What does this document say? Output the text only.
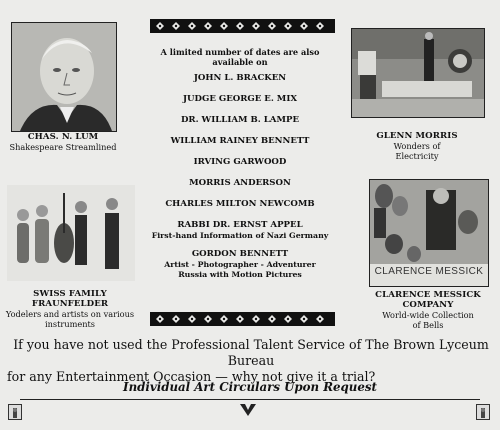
CHAS. N. LUM
Shakespeare Streamlined
SWISS FAMILY
FRAUNFELDER
Yodelers and artists on various
instruments
GLENN MORRIS
Wonders of
Electricity
CLARENCE MESSICK
CLARENCE MESSICK
COMPANY
World-wide Collection
of Bells
A limited number of dates are also available on
JOHN L. BRACKEN
JUDGE GEORGE E. MIX
DR. WILLIAM B. LAMPE
WILLIAM RAINEY BENNETT
IRVING GARWOOD
MORRIS ANDERSON
CHARLES MILTON NEWCOMB
RABBI DR. ERNST APPEL
First-hand Information of Nazi Germany
GORDON BENNETT
Artist - Photographer - Adventurer
Russia with Motion Pictures
If you have not used the Professional Talent Service of The Brown Lyceum Bureau
for any Entertainment Occasion — why not give it a trial?
Individual Art Circulars Upon Request
